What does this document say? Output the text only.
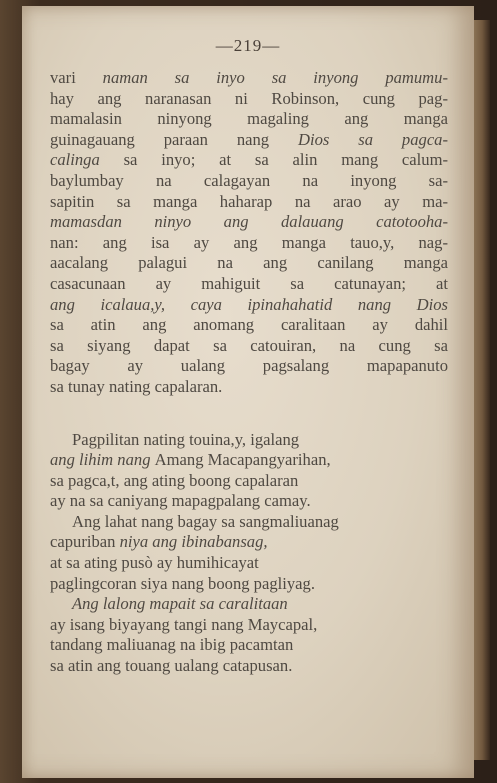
—219—
vari naman sa inyo sa inyong pamumu-
hay ang naranasan ni Robinson, cung pag-
mamalasin ninyong magaling ang manga
guinagauang paraan nang Dios sa pagca-
calinga sa inyo; at sa alin mang calum-
baylumbay na calagayan na inyong sa-
sapitin sa manga haharap na arao ay ma-
mamasdan ninyo ang dalauang catotooha-
nan: ang isa ay ang manga tauo,y, nag-
aacalang palagui na ang canilang manga
casacunaan ay mahiguit sa catunayan; at
ang icalaua,y, caya ipinahahatid nang Dios
sa atin ang anomang caralitaan ay dahil
sa siyang dapat sa catouiran, na cung sa
bagay ay ualang pagsalang mapapanuto
sa tunay nating capalaran.
Pagpilitan nating touina,y, igalang
ang lihim nang Amang Macapangyarihan,
sa pagca,t, ang ating boong capalaran
ay na sa caniyang mapagpalang camay.
Ang lahat nang bagay sa sangmaliuanag
capuriban niya ang ibinabansag,
at sa ating pusò ay humihicayat
paglingcoran siya nang boong pagliyag.
Ang lalong mapait sa caralitaan
ay isang biyayang tangi nang Maycapal,
tandang maliuanag na ibig pacamtan
sa atin ang touang ualang catapusan.
